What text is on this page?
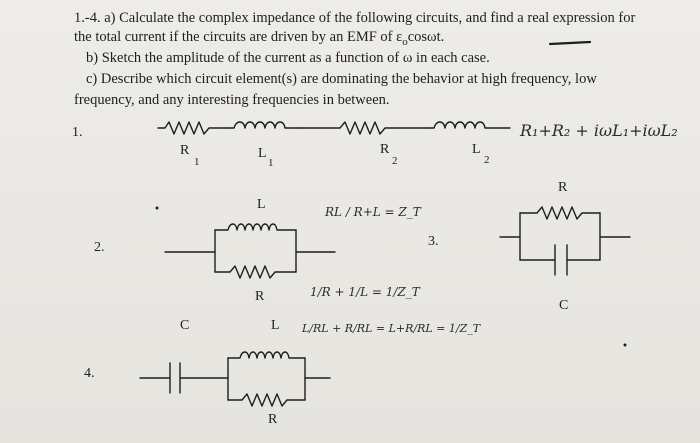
1.-4. a) Calculate the complex impedance of the following circuits, and find a real expression for
the total current if the circuits are driven by an EMF of $\varepsilon_o\cos\omega t$.
b) Sketch the amplitude of the current as a function of ω in each case.
c) Describe which circuit element(s) are dominating the behavior at high frequency, low
frequency, and any interesting frequencies in between.
1.
2.	3.
4.
R
1
L
1
R
2
L
2
R₁+R₂ + iωL₁+iωL₂
L
R
RL / R+L = Z_T
1/R + 1/L = 1/Z_T
R
C
C	L
R
L/RL + R/RL = L+R/RL = 1/Z_T
